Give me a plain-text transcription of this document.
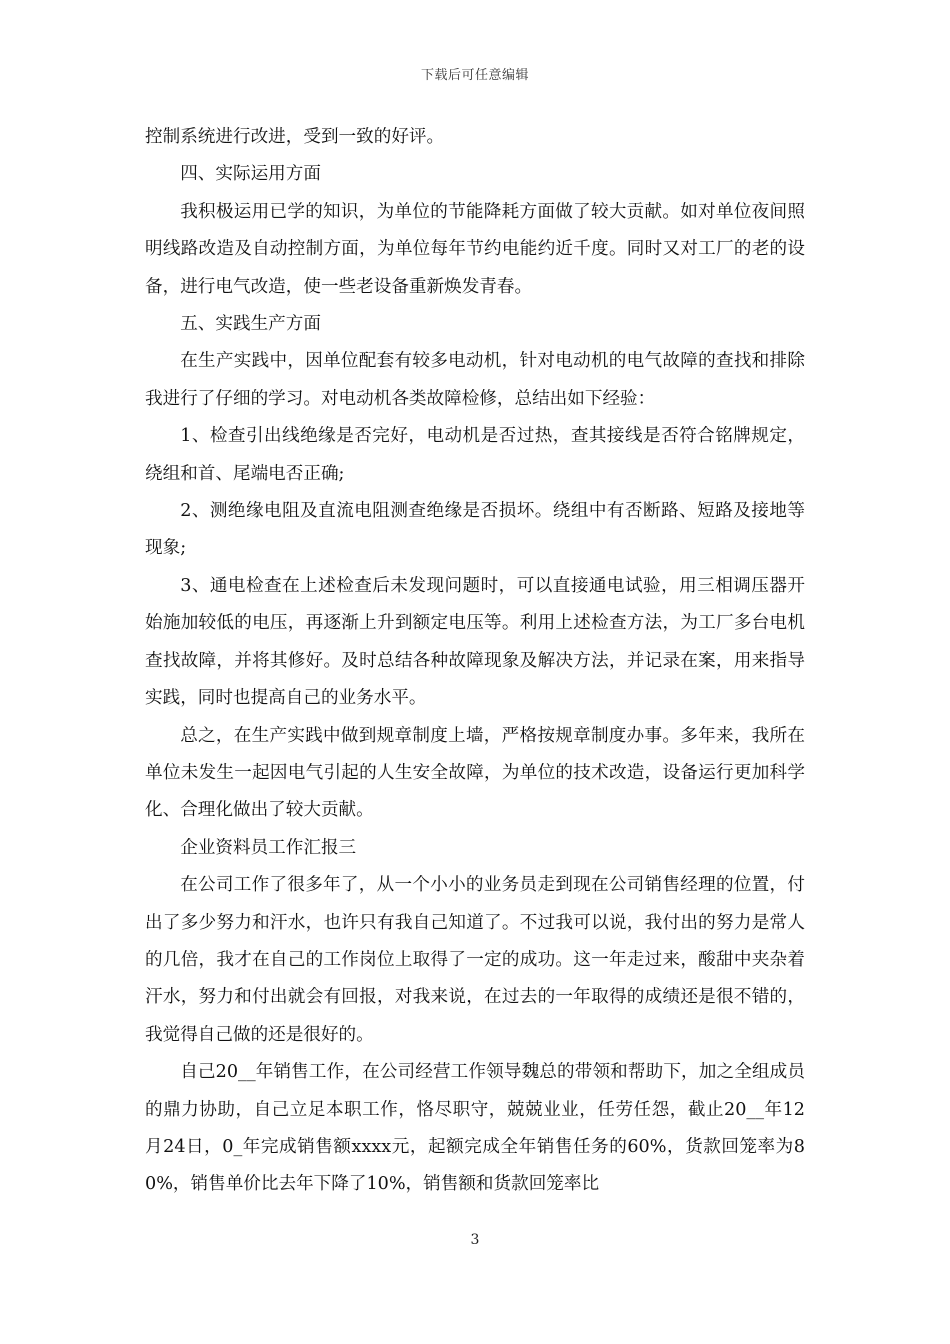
下载后可任意编辑

控制系统进行改进，受到一致的好评。

四、实际运用方面

我积极运用已学的知识，为单位的节能降耗方面做了较大贡献。如对单位夜间照明线路改造及自动控制方面，为单位每年节约电能约近千度。同时又对工厂的老的设备，进行电气改造，使一些老设备重新焕发青春。

五、实践生产方面

在生产实践中，因单位配套有较多电动机，针对电动机的电气故障的查找和排除我进行了仔细的学习。对电动机各类故障检修，总结出如下经验：

1、检查引出线绝缘是否完好，电动机是否过热，查其接线是否符合铭牌规定，绕组和首、尾端电否正确;

2、测绝缘电阻及直流电阻测查绝缘是否损坏。绕组中有否断路、短路及接地等现象;

3、通电检查在上述检查后未发现问题时，可以直接通电试验，用三相调压器开始施加较低的电压，再逐渐上升到额定电压等。利用上述检查方法，为工厂多台电机查找故障，并将其修好。及时总结各种故障现象及解决方法，并记录在案，用来指导实践，同时也提高自己的业务水平。

总之，在生产实践中做到规章制度上墙，严格按规章制度办事。多年来，我所在单位未发生一起因电气引起的人生安全故障，为单位的技术改造，设备运行更加科学化、合理化做出了较大贡献。

企业资料员工作汇报三

在公司工作了很多年了，从一个小小的业务员走到现在公司销售经理的位置，付出了多少努力和汗水，也许只有我自己知道了。不过我可以说，我付出的努力是常人的几倍，我才在自己的工作岗位上取得了一定的成功。这一年走过来，酸甜中夹杂着汗水，努力和付出就会有回报，对我来说，在过去的一年取得的成绩还是很不错的，我觉得自己做的还是很好的。

自己20__年销售工作，在公司经营工作领导魏总的带领和帮助下，加之全组成员的鼎力协助，自己立足本职工作，恪尽职守，兢兢业业，任劳任怨，截止20__年12月24日，0_年完成销售额xxxx元，起额完成全年销售任务的60%，货款回笼率为80%，销售单价比去年下降了10%，销售额和货款回笼率比

3
